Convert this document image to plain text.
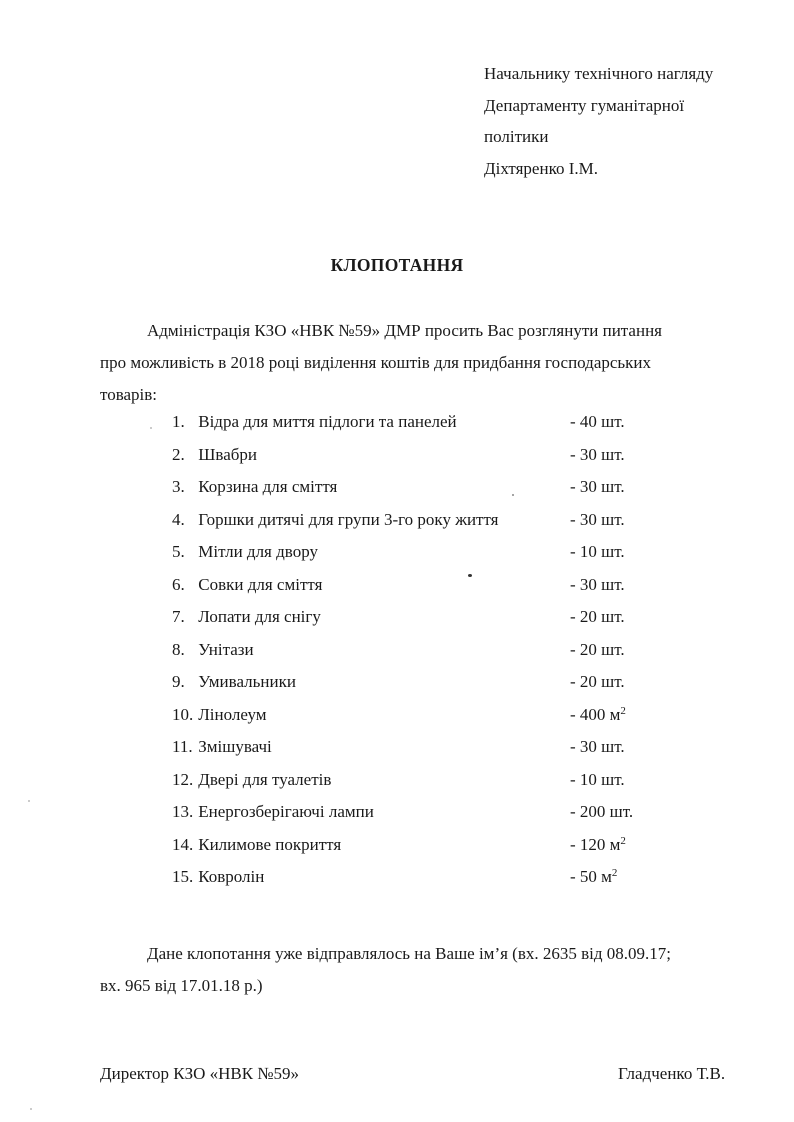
Начальнику технічного нагляду
Департаменту гуманітарної
політики
Діхтяренко І.М.
КЛОПОТАННЯ
Адміністрація КЗО «НВК №59» ДМР просить Вас розглянути питання
про можливість в 2018 році виділення коштів для придбання господарських
товарів:
1. Відра для миття підлоги та панелей	- 40 шт.
2. Швабри	- 30 шт.
3. Корзина для сміття	- 30 шт.
4. Горшки дитячі для групи 3-го року життя	- 30 шт.
5. Мітли для двору	- 10 шт.
6. Совки для сміття	- 30 шт.
7. Лопати для снігу	- 20 шт.
8. Унітази	- 20 шт.
9. Умивальники	- 20 шт.
10. Лінолеум	- 400 $м^2$
11. Змішувачі	- 30 шт.
12. Двері для туалетів	- 10 шт.
13. Енергозберігаючі лампи	- 200 шт.
14. Килимове покриття	- 120 $м^2$
15. Ковролін	- 50 $м^2$
Дане клопотання уже відправлялось на Ваше ім’я (вх. 2635 від 08.09.17;
вх. 965 від 17.01.18 р.)
Директор КЗО «НВК №59»	Гладченко Т.В.
